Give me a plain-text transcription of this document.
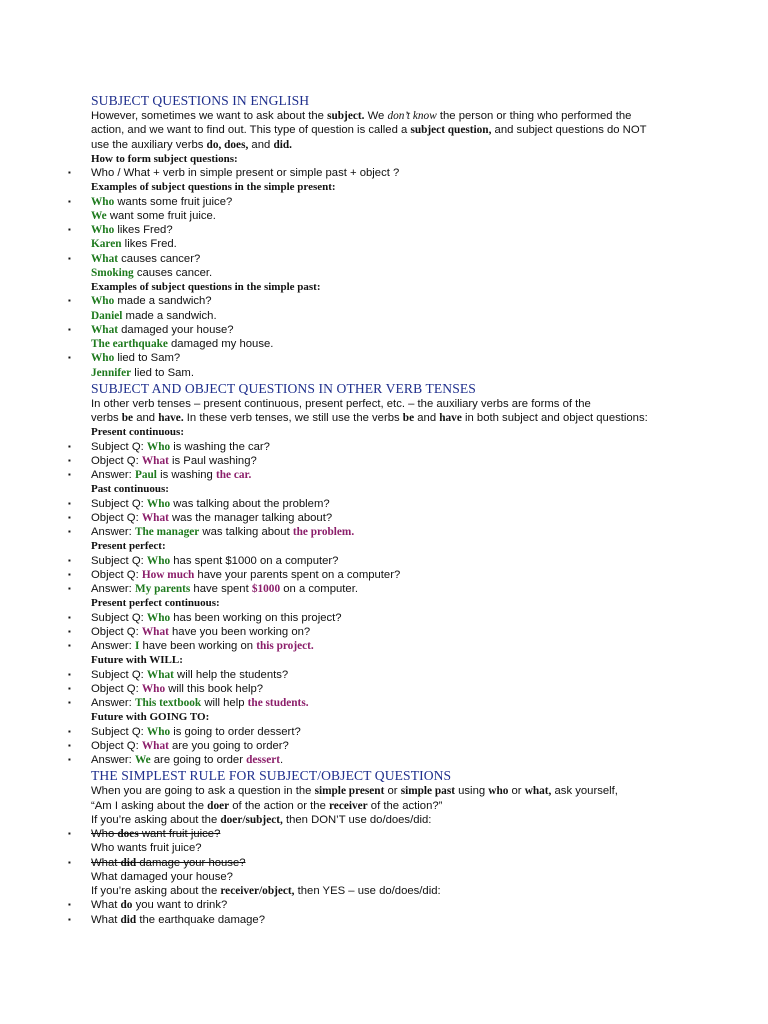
SUBJECT QUESTIONS IN ENGLISH
However, sometimes we want to ask about the subject. We don’t know the person or thing who performed the
action, and we want to find out. This type of question is called a subject question, and subject questions do NOT
use the auxiliary verbs do, does, and did.
How to form subject questions:
▪ Who / What + verb in simple present or simple past + object ?
Examples of subject questions in the simple present:
▪ Who wants some fruit juice?
We want some fruit juice.
▪ Who likes Fred?
Karen likes Fred.
▪ What causes cancer?
Smoking causes cancer.
Examples of subject questions in the simple past:
▪ Who made a sandwich?
Daniel made a sandwich.
▪ What damaged your house?
The earthquake damaged my house.
▪ Who lied to Sam?
Jennifer lied to Sam.
SUBJECT AND OBJECT QUESTIONS IN OTHER VERB TENSES
In other verb tenses – present continuous, present perfect, etc. – the auxiliary verbs are forms of the
verbs be and have. In these verb tenses, we still use the verbs be and have in both subject and object questions:
Present continuous:
▪ Subject Q: Who is washing the car?
▪ Object Q: What is Paul washing?
▪ Answer: Paul is washing the car.
Past continuous:
▪ Subject Q: Who was talking about the problem?
▪ Object Q: What was the manager talking about?
▪ Answer: The manager was talking about the problem.
Present perfect:
▪ Subject Q: Who has spent $1000 on a computer?
▪ Object Q: How much have your parents spent on a computer?
▪ Answer: My parents have spent $1000 on a computer.
Present perfect continuous:
▪ Subject Q: Who has been working on this project?
▪ Object Q: What have you been working on?
▪ Answer: I have been working on this project.
Future with WILL:
▪ Subject Q: What will help the students?
▪ Object Q: Who will this book help?
▪ Answer: This textbook will help the students.
Future with GOING TO:
▪ Subject Q: Who is going to order dessert?
▪ Object Q: What are you going to order?
▪ Answer: We are going to order dessert.
THE SIMPLEST RULE FOR SUBJECT/OBJECT QUESTIONS
When you are going to ask a question in the simple present or simple past using who or what, ask yourself,
“Am I asking about the doer of the action or the receiver of the action?”
If you’re asking about the doer/subject, then DON’T use do/does/did:
▪ Who does want fruit juice?
Who wants fruit juice?
▪ What did damage your house?
What damaged your house?
If you’re asking about the receiver/object, then YES – use do/does/did:
▪ What do you want to drink?
▪ What did the earthquake damage?
